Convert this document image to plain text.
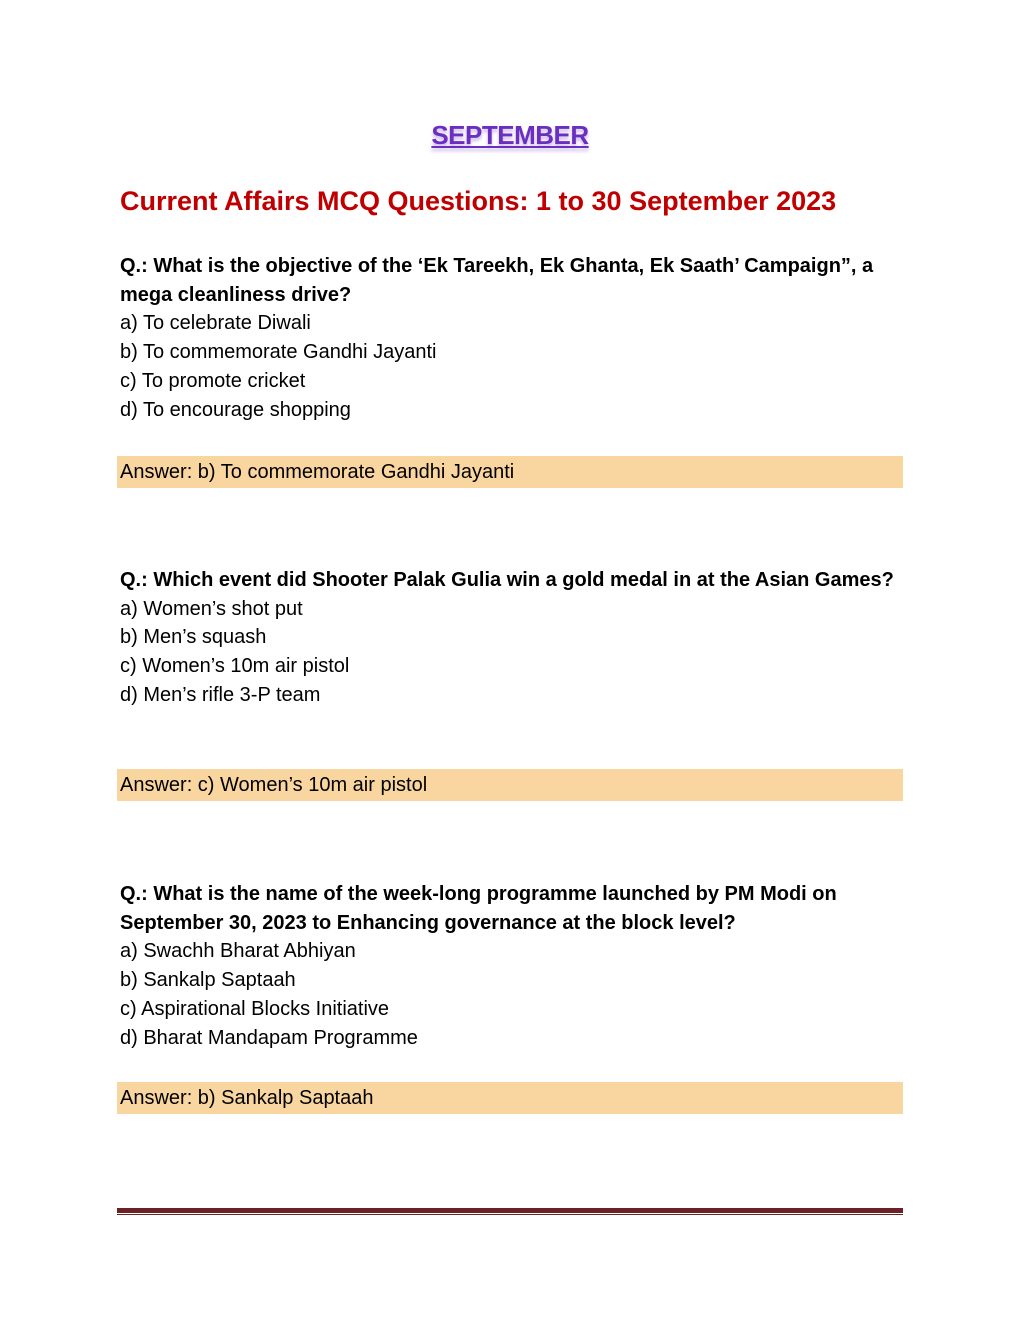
SEPTEMBER
Current Affairs MCQ Questions: 1 to 30 September 2023
Q.: What is the objective of the ‘Ek Tareekh, Ek Ghanta, Ek Saath’ Campaign”, a mega cleanliness drive?
a) To celebrate Diwali
b) To commemorate Gandhi Jayanti
c) To promote cricket
d) To encourage shopping
Answer: b) To commemorate Gandhi Jayanti
Q.: Which event did Shooter Palak Gulia win a gold medal in at the Asian Games?
a) Women’s shot put
b) Men’s squash
c) Women’s 10m air pistol
d) Men’s rifle 3-P team
Answer: c) Women’s 10m air pistol
Q.: What is the name of the week-long programme launched by PM Modi on September 30, 2023 to Enhancing governance at the block level?
a) Swachh Bharat Abhiyan
b) Sankalp Saptaah
c) Aspirational Blocks Initiative
d) Bharat Mandapam Programme
Answer: b) Sankalp Saptaah
